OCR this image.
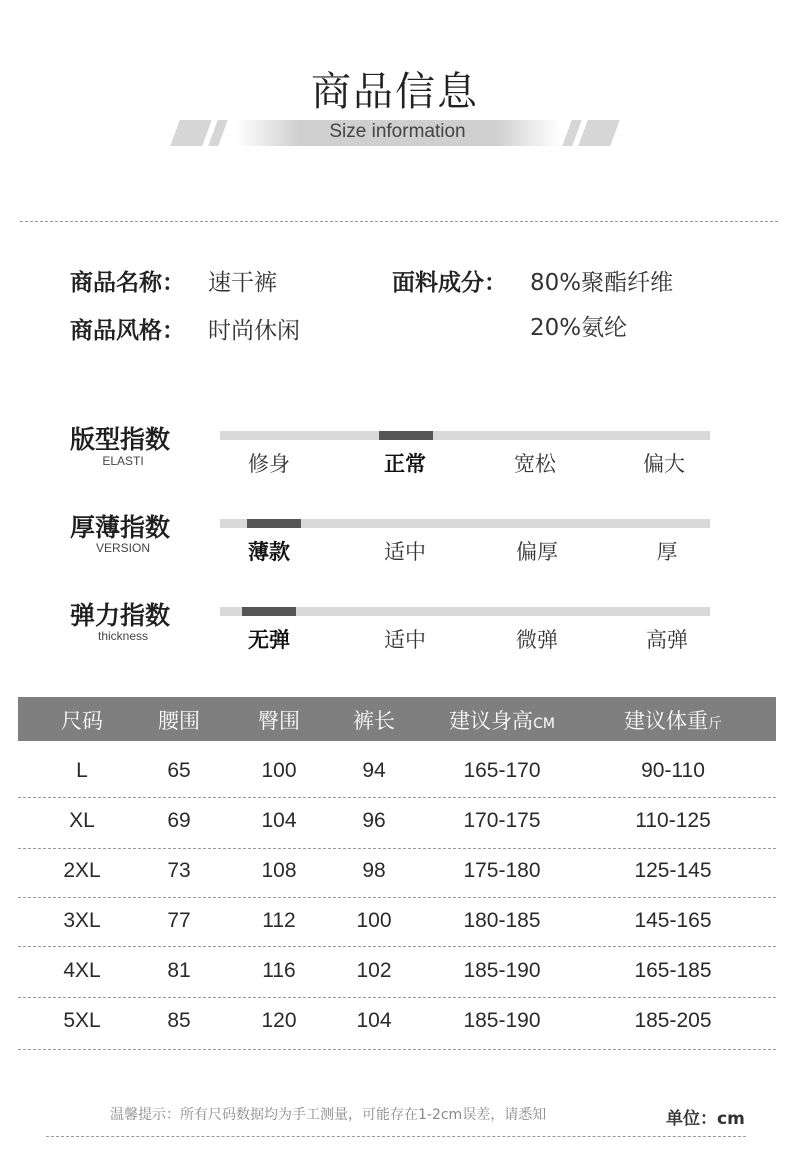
商品信息
Size information
商品名称： 速干裤
商品风格： 时尚休闲
面料成分： 80%聚酯纤维
20%氨纶
版型指数
ELASTI	修身	正常	宽松	偏大
厚薄指数
VERSION	薄款	适中	偏厚	厚
弹力指数
thickness	无弹	适中	微弹	高弹
尺码	腰围	臀围	裤长	建议身高CM	建议体重斤
L	65	100	94	165-170	90-110
XL	69	104	96	170-175	110-125
2XL	73	108	98	175-180	125-145
3XL	77	112	100	180-185	145-165
4XL	81	116	102	185-190	165-185
5XL	85	120	104	185-190	185-205
温馨提示：所有尺码数据均为手工测量，可能存在1-2cm误差，请悉知	单位：cm
